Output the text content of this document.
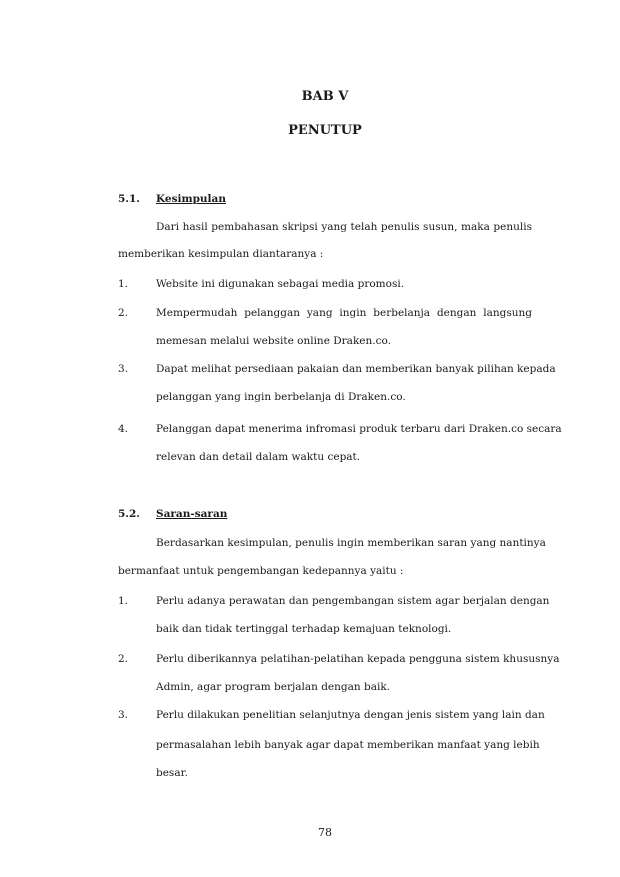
BAB V
PENUTUP
5.1. Kesimpulan
Dari hasil pembahasan skripsi yang telah penulis susun, maka penulis
memberikan kesimpulan diantaranya :
1.	Website ini digunakan sebagai media promosi.
2.	Mempermudah pelanggan yang ingin berbelanja dengan langsung
memesan melalui website online Draken.co.
3.	Dapat melihat persediaan pakaian dan memberikan banyak pilihan kepada
pelanggan yang ingin berbelanja di Draken.co.
4.	Pelanggan dapat menerima infromasi produk terbaru dari Draken.co secara
relevan dan detail dalam waktu cepat.
5.2. Saran-saran
Berdasarkan kesimpulan, penulis ingin memberikan saran yang nantinya
bermanfaat untuk pengembangan kedepannya yaitu :
1.	Perlu adanya perawatan dan pengembangan sistem agar berjalan dengan
baik dan tidak tertinggal terhadap kemajuan teknologi.
2.	Perlu diberikannya pelatihan-pelatihan kepada pengguna sistem khususnya
Admin, agar program berjalan dengan baik.
3.	Perlu dilakukan penelitian selanjutnya dengan jenis sistem yang lain dan
permasalahan lebih banyak agar dapat memberikan manfaat yang lebih
besar.
78
